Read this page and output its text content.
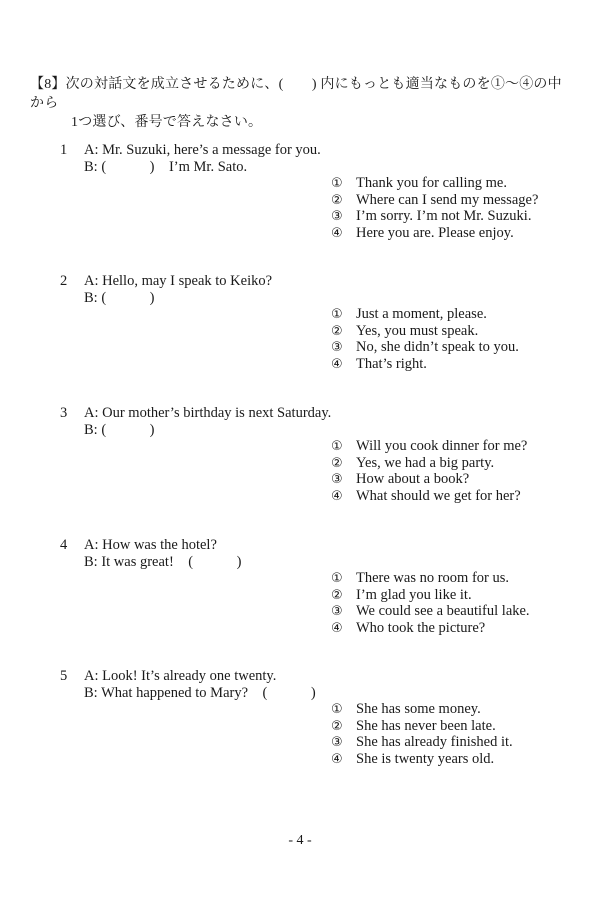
【8】次の対話文を成立させるために、(　　) 内にもっとも適当なものを①～④の中から
1つ選び、番号で答えなさい。
1 A: Mr. Suzuki, here’s a message for you.
B: (　　　)　I’m Mr. Sato.
① Thank you for calling me.
② Where can I send my message?
③ I’m sorry. I’m not Mr. Suzuki.
④ Here you are. Please enjoy.
2 A: Hello, may I speak to Keiko?
B: (　　　)
① Just a moment, please.
② Yes, you must speak.
③ No, she didn’t speak to you.
④ That’s right.
3 A: Our mother’s birthday is next Saturday.
B: (　　　)
① Will you cook dinner for me?
② Yes, we had a big party.
③ How about a book?
④ What should we get for her?
4 A: How was the hotel?
B: It was great!　(　　　)
① There was no room for us.
② I’m glad you like it.
③ We could see a beautiful lake.
④ Who took the picture?
5 A: Look! It’s already one twenty.
B: What happened to Mary?　(　　　)
① She has some money.
② She has never been late.
③ She has already finished it.
④ She is twenty years old.
- 4 -
